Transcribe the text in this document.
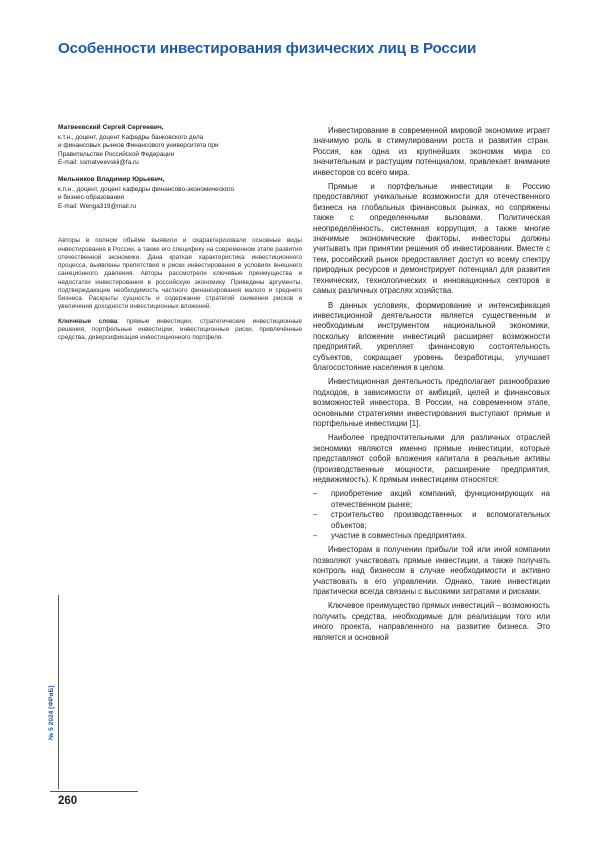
Особенности инвестирования физических лиц в России
Матвеевский Сергей Сергеевич,
к.т.н., доцент, доцент Кафедры банковского дела
и финансовых рынков Финансового университета при
Правительстве Российской Федерации
E-mail: ssmatveevskii@fa.ru
Мельников Владимир Юрьевич,
к.п.н., доцент, доцент кафедры финансово-экономического
и бизнес-образования
E-mail: Wenga319@mail.ru
Авторы в полном объёме выявили и охарактеризовали основные виды инвестирования в России, а также его специфику на современном этапе развития отечественной экономики. Дана краткая характеристика инвестиционного процесса, выявлены препятствия и риски инвестирования в условиях внешнего санкционного давления. Авторы рассмотрели ключевые преимущества и недостатки инвестирования в российскую экономику. Приведены аргументы, подтверждающие необходимость частного финансирования малого и среднего бизнеса. Раскрыты сущность и содержание стратегий снижения рисков и увеличения доходности инвестиционных вложений.
Ключевые слова: прямые инвестиции, стратегические инвестиционные решения, портфельные инвестиции, инвестиционные риски, привлечённые средства, диверсификация инвестиционного портфеля.

Инвестирование в современной мировой экономике играет значимую роль в стимулировании роста и развития стран. Россия, как одна из крупнейших экономик мира со значительным и растущим потенциалом, привлекает внимание инвесторов со всего мира.

Прямые и портфельные инвестиции в Россию предоставляют уникальные возможности для отечественного бизнеса на глобальных финансовых рынках, но сопряжены также с определенными вызовами. Политическая неопределённость, системная коррупция, а также многие значимые экономические факторы, инвесторы должны учитывать при принятии решения об инвестировании. Вместе с тем, российский рынок предоставляет доступ ко всему спектру природных ресурсов и демонстрирует потенциал для развития технических, технологических и инновационных секторов в самых различных отраслях хозяйства.

В данных условиях, формирование и интенсификация инвестиционной деятельности является существенным и необходимым инструментом национальной экономики, поскольку вложение инвестиций расширяет возможности предприятий, укрепляет финансовую состоятельность субъектов, сокращает уровень безработицы, улучшает благосостояние населения в целом.

Инвестиционная деятельность предполагает разнообразие подходов, в зависимости от амбиций, целей и финансовых возможностей инвестора. В России, на современном этапе, основными стратегиями инвестирования выступают прямые и портфельные инвестиции [1].

Наиболее предпочтительными для различных отраслей экономики являются именно прямые инвестиции, которые представляют собой вложения капитала в реальные активы (производственные мощности, расширение предприятия, недвижимость). К прямым инвестициям относятся:

– приобретение акций компаний, функционирующих на отечественном рынке;
– строительство производственных и вспомогательных объектов;
– участие в совместных предприятиях.

Инвесторам в получении прибыли той или иной компании позволяют участвовать прямые инвестиции, а также получать контроль над бизнесом в случае необходимости и активно участвовать в его управлении. Однако, такие инвестиции практически всегда связаны с высокими затратами и рисками.

Ключевое преимущество прямых инвестиций – возможность получить средства, необходимые для реализации того или иного проекта, направленного на развитие бизнеса. Это является и основной

№ 5 2024 [ФРиБ]
260
